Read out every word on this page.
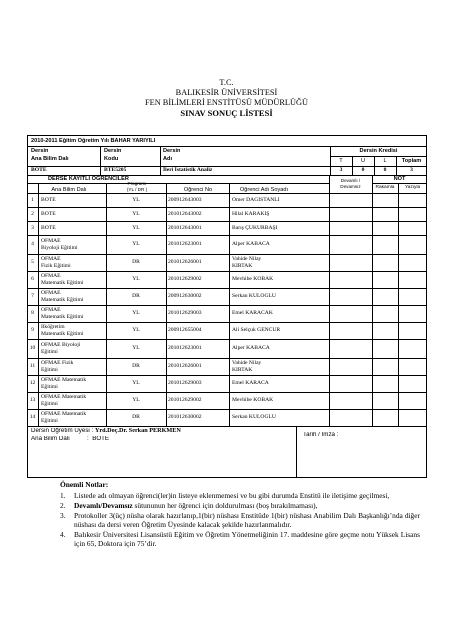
T.C.
BALIKESİR ÜNİVERSİTESİ
FEN BİLİMLERİ ENSTİTÜSÜ MÜDÜRLÜĞÜ
SINAV SONUÇ LİSTESİ
2010-2011 Eğitim Öğretim Yılı BAHAR YARIYILI
Dersin
Ana Bilim Dalı
Dersin
Kodu
Dersin
Adı
Dersin Kredisi
T	U	L	Toplam
BÖTE	BTE5205	İleri İstatistik Analiz	3	0	0	3
DERSE KAYITLI ÖĞRENCİLER
Ana Bilim Dalı
Programı
(YL / DR )	Öğrenci No	Öğrenci Adı Soyadı
Devamlı /
Devamsız
NOT
Rakamla	Yazıyla
1	BÖTE	YL	200912643003	Ömer DAĞISTANLI
2	BÖTE	YL	201012643002	Hilal KARAKIŞ
3	BÖTE	YL	201012643001	Barış ÇUKURBAŞI
4	OFMAE
Biyoloji Eğitimi
YL	201012623001	Alper KABACA
5	OFMAE
Fizik Eğitimi
DR	201012626001	Vahide Nilay
KIRTAK
6	OFMAE
Matematik Eğitimi
YL	201012629002	Mevhibe KOBAK
7	OFMAE
Matematik Eğitimi
DR	200912630002	Serkan KULOĞLU
8	OFMAE
Matematik Eğitimi
YL	201012629003	Emel KARACAK
9	İlköğretim
Matematik Eğitimi
YL	200912655004	Ali Selçuk GENCÜR
10	OFMAE Biyoloji
Eğitimi
YL	201012623001	Alper KABACA
11	OFMAE Fizik
Eğitimi
DR	201012626001	Vahide Nilay
KIRTAK
12	OFMAE Matematik
Eğitimi
YL	201012629003	Emel KARACA
13	OFMAE Matematik
Eğitimi
YL	201012629002	Mevhibe KOBAK
14	OFMAE Matematik
Eğitimi
DR	201012630002	Serkan KULOĞLU
Dersin Öğretim Üyesi : Yrd.Doç.Dr. Serkan PERKMEN
Ana Bilim Dalı          :  BÖTE
Tarih / İmza :
Önemli Notlar:
1. Listede adı olmayan öğrenci(ler)in listeye eklenmemesi ve bu gibi durumda Enstitü ile iletişime geçilmesi,
2. Devamlı/Devamsız sütununun her öğrenci için doldurulması (boş bırakılmaması),
3. Protokoller 3(üç) nüsha olarak hazırlanıp,1(bir) nüshası Enstitüde 1(bir) nüshası Anabilim Dalı Başkanlığı’nda diğer nüshası da dersi veren Öğretim Üyesinde kalacak şekilde hazırlanmalıdır.
4. Balıkesir Üniversitesi Lisansüstü Eğitim ve Öğretim Yönetmeliğinin 17. maddesine göre geçme notu Yüksek Lisans için 65, Doktora için 75’dir.
